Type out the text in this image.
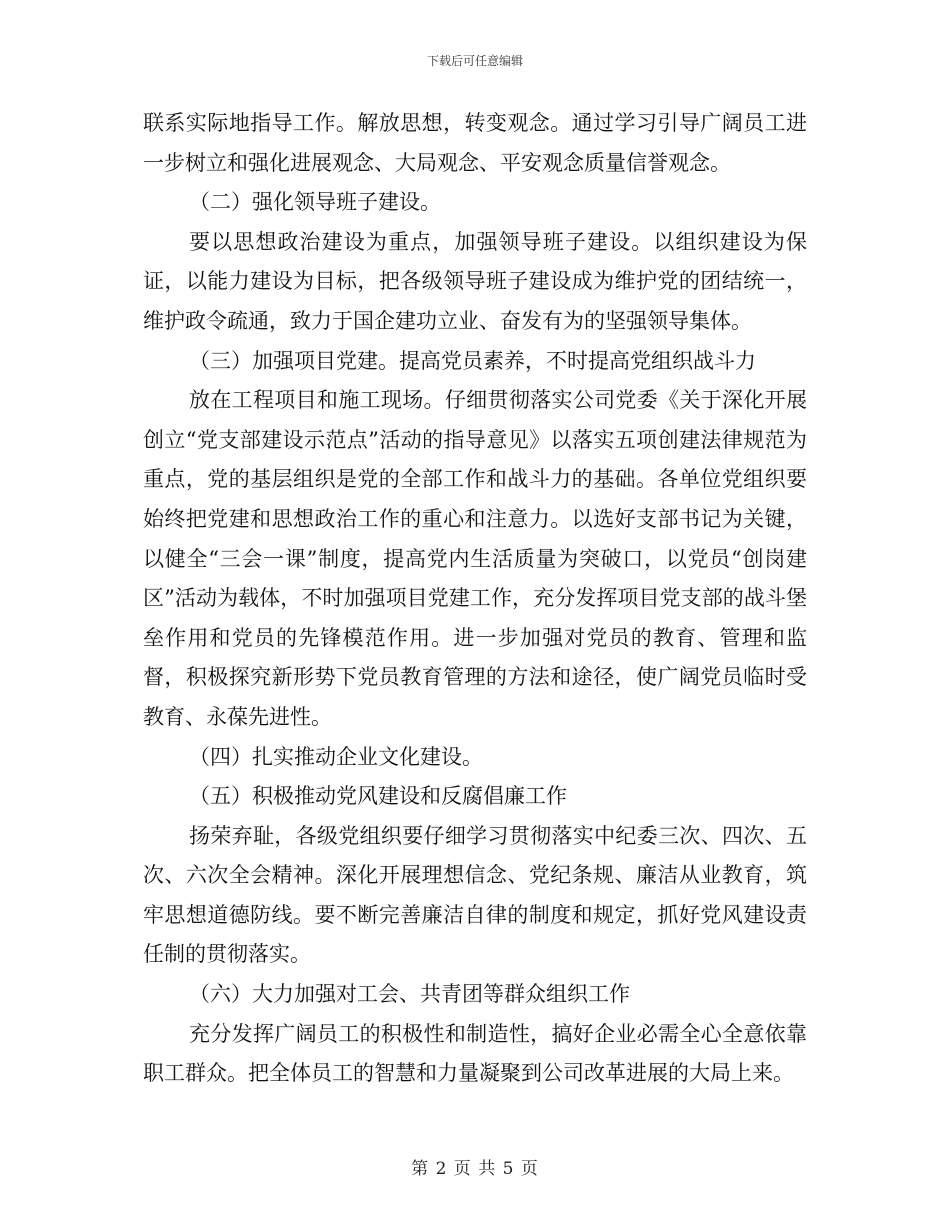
下载后可任意编辑

联系实际地指导工作。解放思想，转变观念。通过学习引导广阔员工进一步树立和强化进展观念、大局观念、平安观念质量信誉观念。

（二）强化领导班子建设。

要以思想政治建设为重点，加强领导班子建设。以组织建设为保证，以能力建设为目标，把各级领导班子建设成为维护党的团结统一，维护政令疏通，致力于国企建功立业、奋发有为的坚强领导集体。

（三）加强项目党建。提高党员素养，不时提高党组织战斗力

放在工程项目和施工现场。仔细贯彻落实公司党委《关于深化开展创立“党支部建设示范点”活动的指导意见》以落实五项创建法律规范为重点，党的基层组织是党的全部工作和战斗力的基础。各单位党组织要始终把党建和思想政治工作的重心和注意力。以选好支部书记为关键，以健全“三会一课”制度，提高党内生活质量为突破口，以党员“创岗建区”活动为载体，不时加强项目党建工作，充分发挥项目党支部的战斗堡垒作用和党员的先锋模范作用。进一步加强对党员的教育、管理和监督，积极探究新形势下党员教育管理的方法和途径，使广阔党员临时受教育、永葆先进性。

（四）扎实推动企业文化建设。

（五）积极推动党风建设和反腐倡廉工作

扬荣弃耻，各级党组织要仔细学习贯彻落实中纪委三次、四次、五次、六次全会精神。深化开展理想信念、党纪条规、廉洁从业教育，筑牢思想道德防线。要不断完善廉洁自律的制度和规定，抓好党风建设责任制的贯彻落实。

（六）大力加强对工会、共青团等群众组织工作

充分发挥广阔员工的积极性和制造性，搞好企业必需全心全意依靠职工群众。把全体员工的智慧和力量凝聚到公司改革进展的大局上来。

第 2 页 共 5 页
